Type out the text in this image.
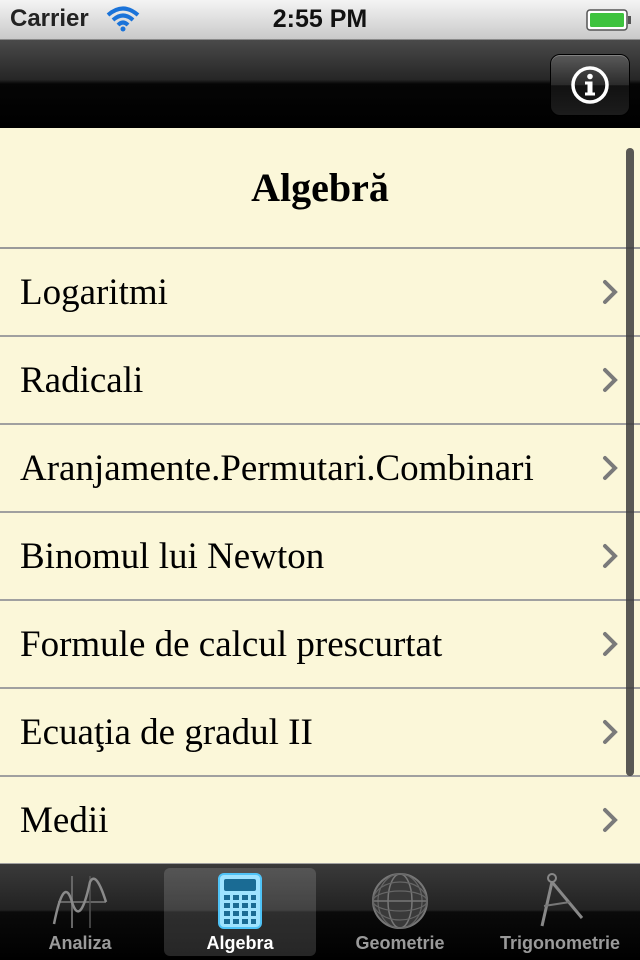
Carrier	2:55 PM
Algebră
Logaritmi
Radicali
Aranjamente.Permutari.Combinari
Binomul lui Newton
Formule de calcul prescurtat
Ecuaţia de gradul II
Medii
Analiza	Algebra	Geometrie	Trigonometrie
